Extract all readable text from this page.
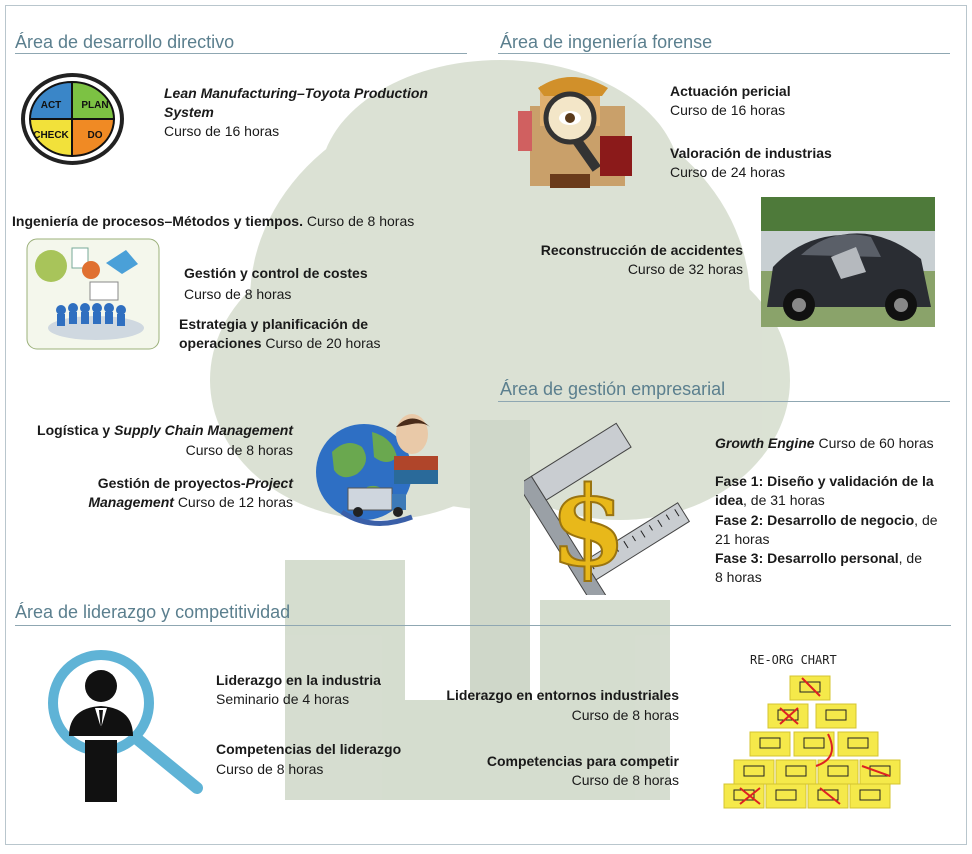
Área de desarrollo directivo
ACT PLAN
CHECK DO
Lean Manufacturing–Toyota Production System
Curso de 16 horas
Ingeniería de procesos–Métodos y tiempos. Curso de 8 horas
Gestión y control de costes
Curso de 8 horas
Estrategia y planificación de
operaciones Curso de 20 horas
Logística y Supply Chain Management
Curso de 8 horas
Gestión de proyectos-Project
Management Curso de 12 horas
Área de ingeniería forense
Actuación pericial
Curso de 16 horas
Valoración de industrias
Curso de 24 horas
Reconstrucción de accidentes
Curso de 32 horas
Área de gestión empresarial
$
Growth Engine Curso de 60 horas
Fase 1: Diseño y validación de la
idea, de 31 horas
Fase 2: Desarrollo de negocio, de
21 horas
Fase 3: Desarrollo personal, de
8 horas
Área de liderazgo y competitividad
Liderazgo en la industria
Seminario de 4 horas
Competencias del liderazgo
Curso de 8 horas
Liderazgo en entornos industriales
Curso de 8 horas
Competencias para competir
Curso de 8 horas
RE-ORG CHART
